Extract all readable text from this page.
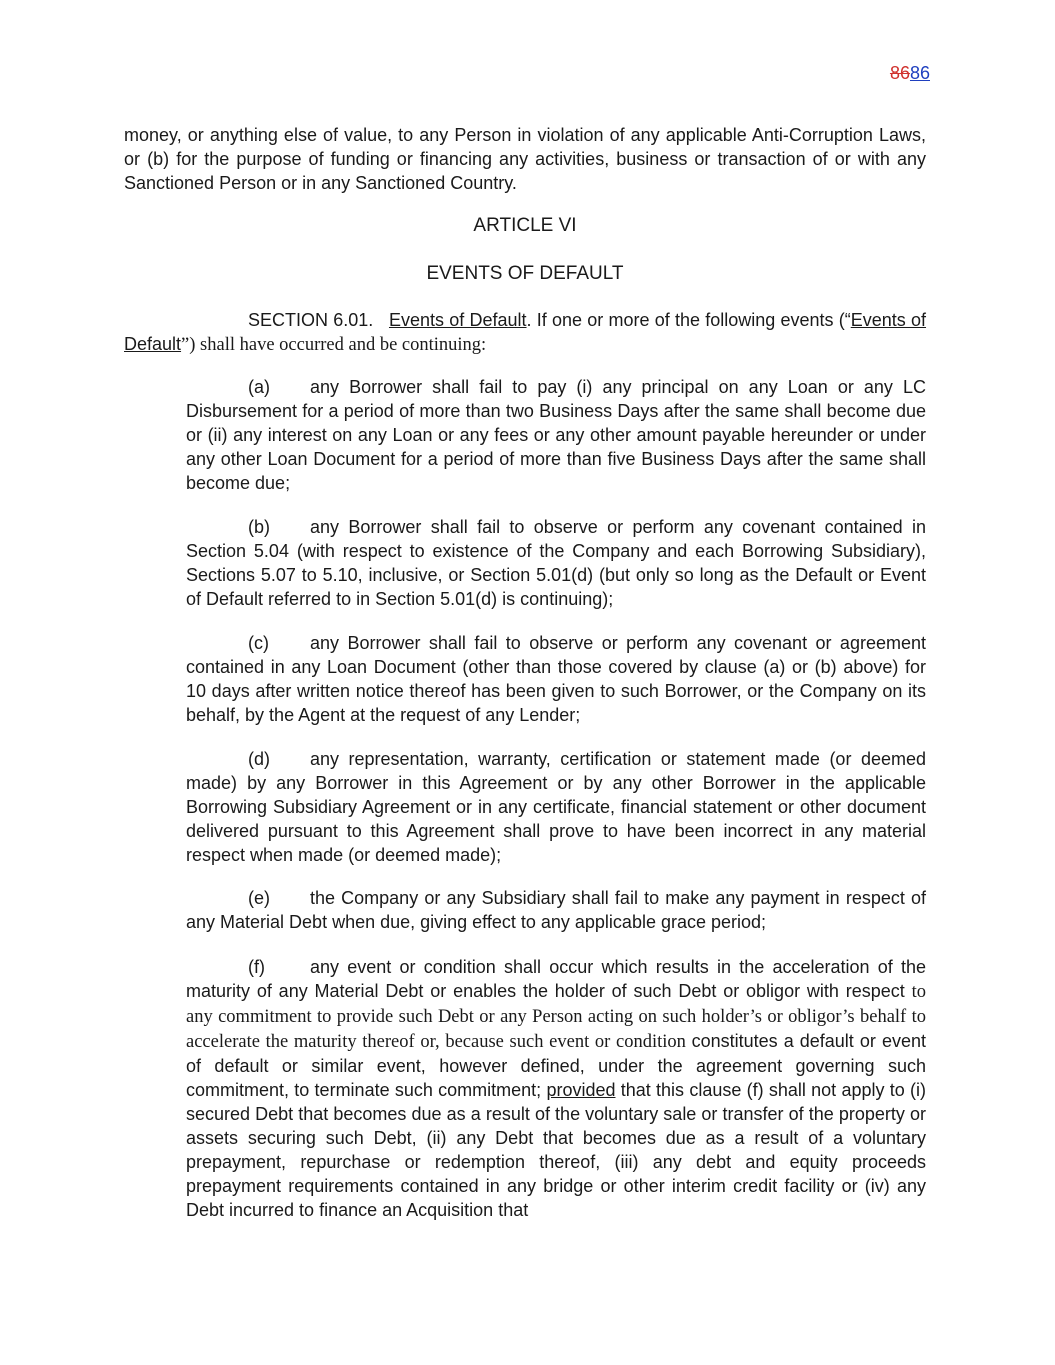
8686

money, or anything else of value, to any Person in violation of any applicable Anti-Corruption Laws, or (b) for the purpose of funding or financing any activities, business or transaction of or with any Sanctioned Person or in any Sanctioned Country.

ARTICLE VI
EVENTS OF DEFAULT

SECTION 6.01. Events of Default. If one or more of the following events (“Events of Default”) shall have occurred and be continuing:

(a) any Borrower shall fail to pay (i) any principal on any Loan or any LC Disbursement for a period of more than two Business Days after the same shall become due or (ii) any interest on any Loan or any fees or any other amount payable hereunder or under any other Loan Document for a period of more than five Business Days after the same shall become due;

(b) any Borrower shall fail to observe or perform any covenant contained in Section 5.04 (with respect to existence of the Company and each Borrowing Subsidiary), Sections 5.07 to 5.10, inclusive, or Section 5.01(d) (but only so long as the Default or Event of Default referred to in Section 5.01(d) is continuing);

(c) any Borrower shall fail to observe or perform any covenant or agreement contained in any Loan Document (other than those covered by clause (a) or (b) above) for 10 days after written notice thereof has been given to such Borrower, or the Company on its behalf, by the Agent at the request of any Lender;

(d) any representation, warranty, certification or statement made (or deemed made) by any Borrower in this Agreement or by any other Borrower in the applicable Borrowing Subsidiary Agreement or in any certificate, financial statement or other document delivered pursuant to this Agreement shall prove to have been incorrect in any material respect when made (or deemed made);

(e) the Company or any Subsidiary shall fail to make any payment in respect of any Material Debt when due, giving effect to any applicable grace period;

(f)	any event or condition shall occur which results in the acceleration of the maturity of any Material Debt or enables the holder of such Debt or obligor with respect to any commitment to provide such Debt or any Person acting on such holder’s or obligor’s behalf to accelerate the maturity thereof or, because such event or condition constitutes a default or event of default or similar event, however defined, under the agreement governing such commitment, to terminate such commitment; provided that this clause (f) shall not apply to (i) secured Debt that becomes due as a result of the voluntary sale or transfer of the property or assets securing such Debt, (ii) any Debt that becomes due as a result of a voluntary prepayment, repurchase or redemption thereof, (iii) any debt and equity proceeds prepayment requirements contained in any bridge or other interim credit facility or (iv) any Debt incurred to finance an Acquisition that
